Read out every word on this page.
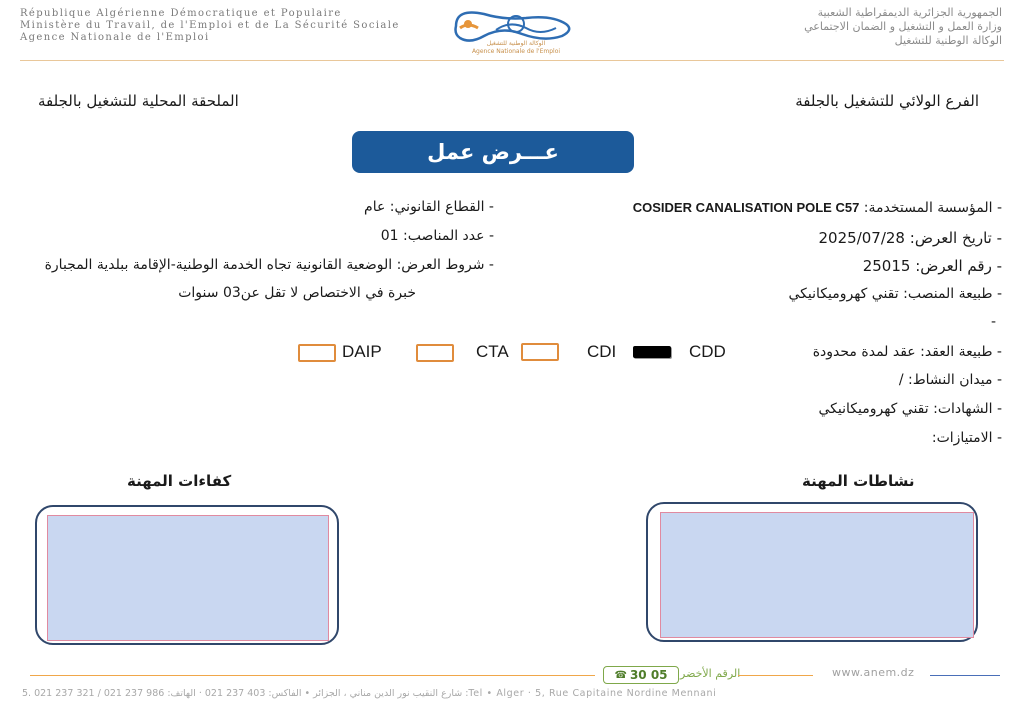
République Algérienne Démocratique et Populaire
Ministère du Travail, de l'Emploi et de La Sécurité Sociale
Agence Nationale de l'Emploi
الوكالة الوطنية للتشغيل
Agence Nationale de l'Emploi
الجمهورية الجزائرية الديمقراطية الشعبية
وزارة العمل و التشغيل و الضمان الاجتماعي
الوكالة الوطنية للتشغيل
الفرع الولائي للتشغيل بالجلفة
الملحقة المحلية للتشغيل بالجلفة
عـــرض عمل
- المؤسسة المستخدمة: COSIDER CANALISATION POLE C57
- تاريخ العرض: 2025/07/28
- رقم العرض: 25015
- طبيعة المنصب: تقني كهروميكانيكي
-
- طبيعة العقد: عقد لمدة محدودة
- ميدان النشاط: /
- الشهادات: تقني كهروميكانيكي
- الامتيازات:
- القطاع القانوني: عام
- عدد المناصب: 01
- شروط العرض: الوضعية القانونية تجاه الخدمة الوطنية-الإقامة ببلدية المجبارة
خبرة في الاختصاص لا تقل عن03 سنوات
CDD
CDI
CTA
DAIP
نشاطات المهنة
كفاءات المهنة
☎ 30 05 الرقم الأخضر	www.anem.dz
5. شارع النقيب نور الدين مناني ، الجزائر • الفاكس: 403 237 021 · الهاتف: 986 237 021 / 321 237 021 :Tel • Alger · 5, Rue Capitaine Nordine Mennani
